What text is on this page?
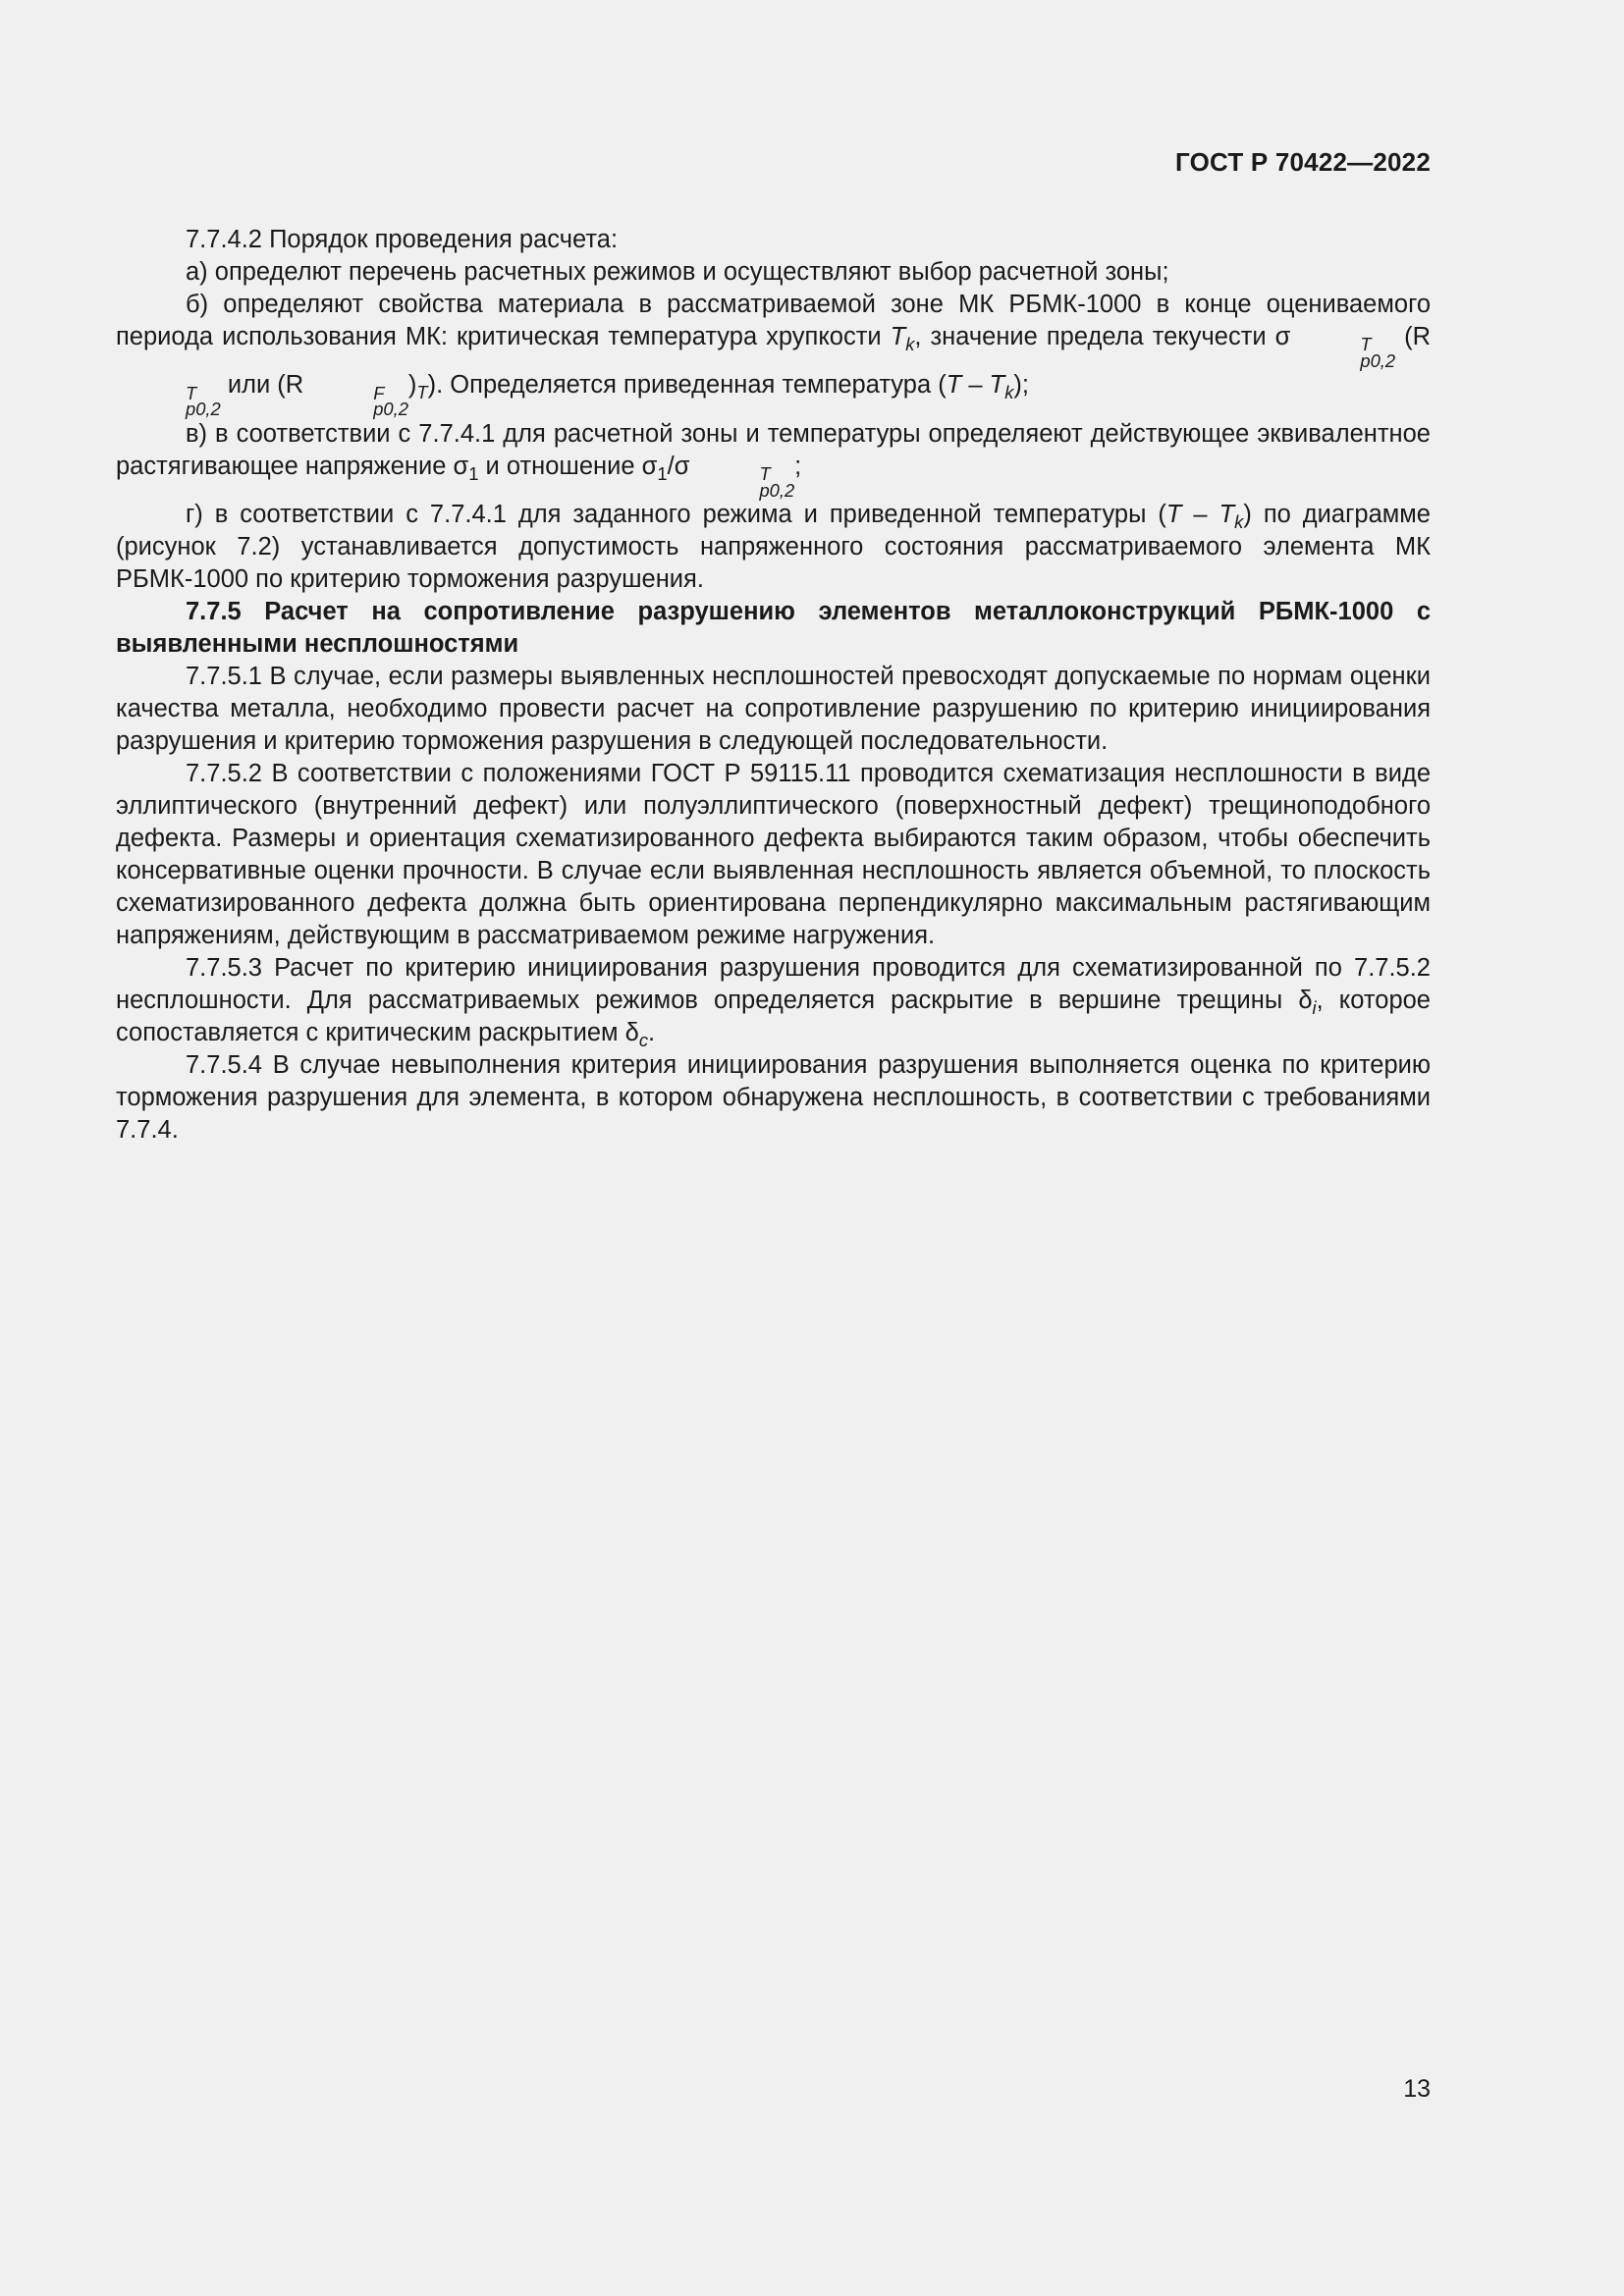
ГОСТ Р 70422—2022

7.7.4.2 Порядок проведения расчета:

а) определют перечень расчетных режимов и осуществляют выбор расчетной зоны;

б) определяют свойства материала в рассматриваемой зоне МК РБМК-1000 в конце оцениваемого периода использования МК: критическая температура хрупкости $T_k$, значение предела текучести σ	T
p0,2
(R
T
p0,2
или (R	F
p0,2
)$_T$). Определяется приведенная температура $(T - T_k)$;

в) в соответствии с 7.7.4.1 для расчетной зоны и температуры определяеют действующее эквивалентное растягивающее напряжение $\sigma_1$ и отношение $\sigma_1/\sigma$	T
p0,2
;

г) в соответствии с 7.7.4.1 для заданного режима и приведенной температуры $(T - T_k)$ по диаграмме (рисунок 7.2) устанавливается допустимость напряженного состояния рассматриваемого элемента МК РБМК-1000 по критерию торможения разрушения.

7.7.5 Расчет на сопротивление разрушению элементов металлоконструкций РБМК-1000 с выявленными несплошностями

7.7.5.1 В случае, если размеры выявленных несплошностей превосходят допускаемые по нормам оценки качества металла, необходимо провести расчет на сопротивление разрушению по критерию инициирования разрушения и критерию торможения разрушения в следующей последовательности.

7.7.5.2 В соответствии с положениями ГОСТ Р 59115.11 проводится схематизация несплошности в виде эллиптического (внутренний дефект) или полуэллиптического (поверхностный дефект) трещиноподобного дефекта. Размеры и ориентация схематизированного дефекта выбираются таким образом, чтобы обеспечить консервативные оценки прочности. В случае если выявленная несплошность является объемной, то плоскость схематизированного дефекта должна быть ориентирована перпендикулярно максимальным растягивающим напряжениям, действующим в рассматриваемом режиме нагружения.

7.7.5.3 Расчет по критерию инициирования разрушения проводится для схематизированной по 7.7.5.2 несплошности. Для рассматриваемых режимов определяется раскрытие в вершине трещины $\delta_i$, которое сопоставляется с критическим раскрытием $\delta_c$.

7.7.5.4 В случае невыполнения критерия инициирования разрушения выполняется оценка по критерию торможения разрушения для элемента, в котором обнаружена несплошность, в соответствии с требованиями 7.7.4.

13
